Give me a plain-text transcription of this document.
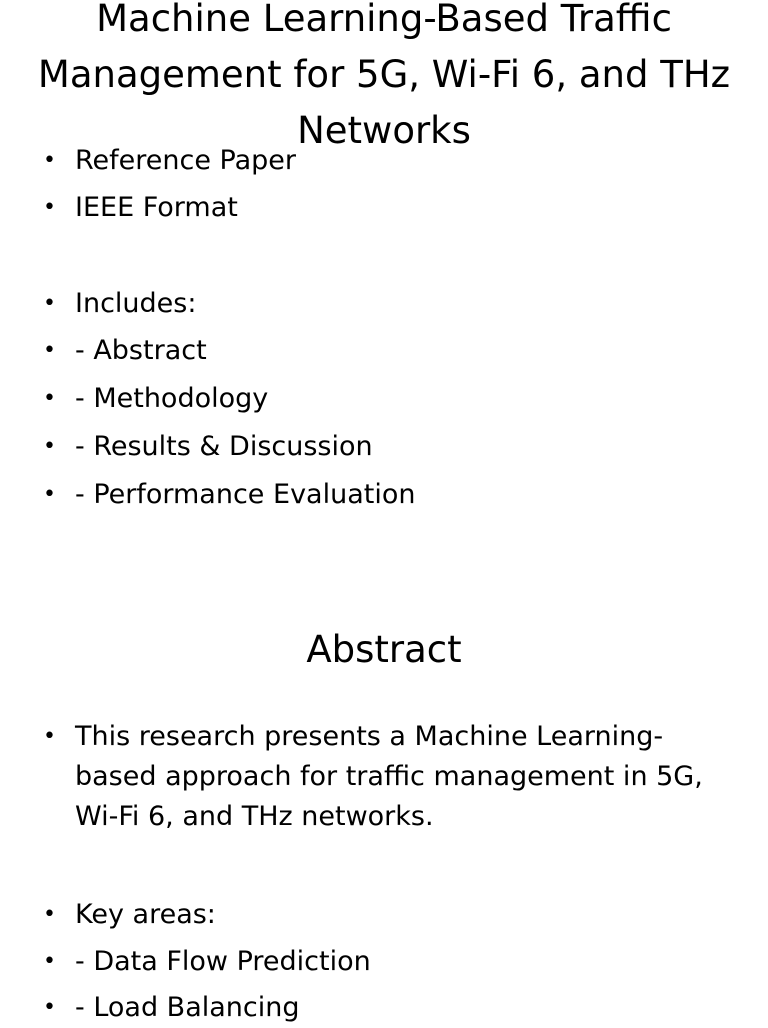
Machine Learning-Based Traffic Management for 5G, Wi-Fi 6, and THz Networks
• Reference Paper
• IEEE Format
• Includes:
• - Abstract
• - Methodology
• - Results & Discussion
• - Performance Evaluation
Abstract
• This research presents a Machine Learning-based approach for traffic management in 5G, Wi-Fi 6, and THz networks.
• Key areas:
• - Data Flow Prediction
• - Load Balancing
